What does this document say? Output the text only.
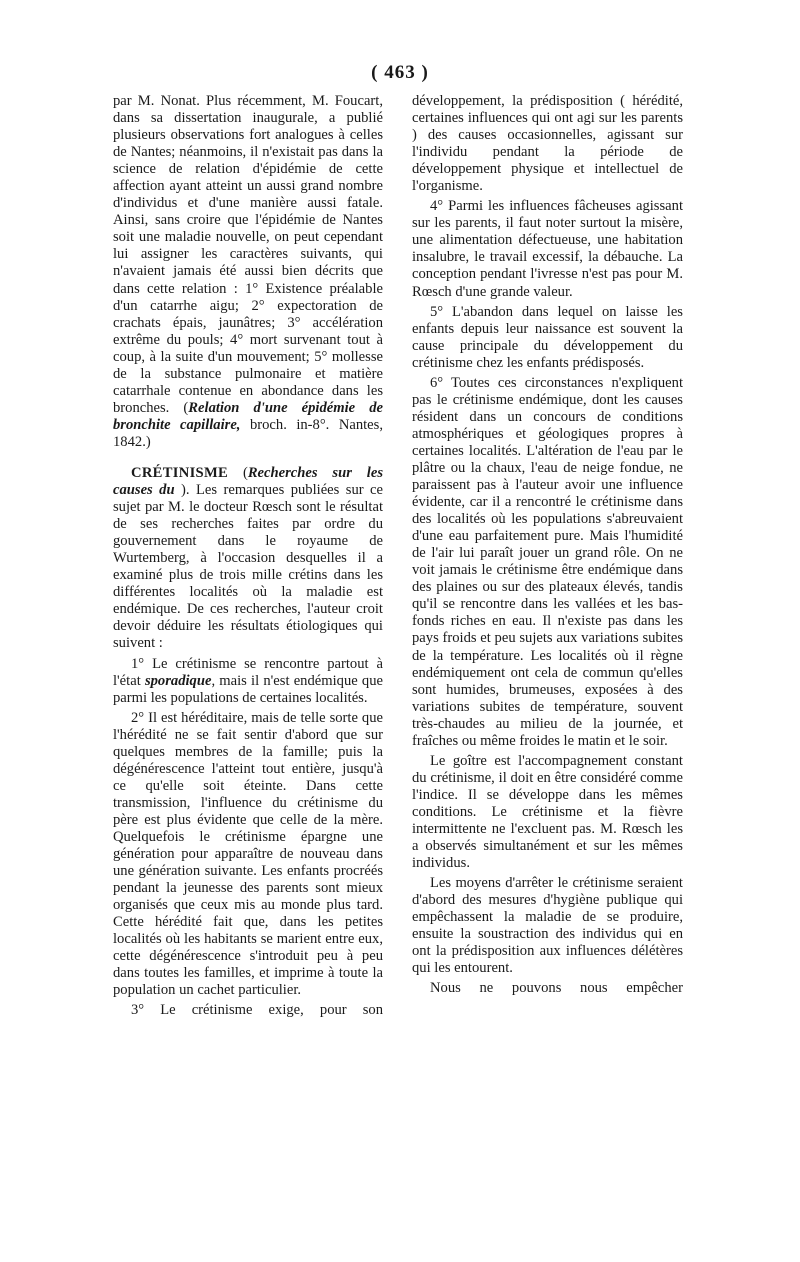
( 463 )

par M. Nonat. Plus récemment, M. Foucart, dans sa dissertation inaugurale, a publié plusieurs observations fort analogues à celles de Nantes; néanmoins, il n'existait pas dans la science de relation d'épidémie de cette affection ayant atteint un aussi grand nombre d'individus et d'une manière aussi fatale. Ainsi, sans croire que l'épidémie de Nantes soit une maladie nouvelle, on peut cependant lui assigner les caractères suivants, qui n'avaient jamais été aussi bien décrits que dans cette relation : 1° Existence préalable d'un catarrhe aigu; 2° expectoration de crachats épais, jaunâtres; 3° accélération extrême du pouls; 4° mort survenant tout à coup, à la suite d'un mouvement; 5° mollesse de la substance pulmonaire et matière catarrhale contenue en abondance dans les bronches. (Relation d'une épidémie de bronchite capillaire, broch. in-8°. Nantes, 1842.)

CRÉTINISME (Recherches sur les causes du ). Les remarques publiées sur ce sujet par M. le docteur Rœsch sont le résultat de ses recherches faites par ordre du gouvernement dans le royaume de Wurtemberg, à l'occasion desquelles il a examiné plus de trois mille crétins dans les différentes localités où la maladie est endémique. De ces recherches, l'auteur croit devoir déduire les résultats étiologiques qui suivent :

1° Le crétinisme se rencontre partout à l'état sporadique, mais il n'est endémique que parmi les populations de certaines localités.

2° Il est héréditaire, mais de telle sorte que l'hérédité ne se fait sentir d'abord que sur quelques membres de la famille; puis la dégénérescence l'atteint tout entière, jusqu'à ce qu'elle soit éteinte. Dans cette transmission, l'influence du crétinisme du père est plus évidente que celle de la mère. Quelquefois le crétinisme épargne une génération pour apparaître de nouveau dans une génération suivante. Les enfants procréés pendant la jeunesse des parents sont mieux organisés que ceux mis au monde plus tard. Cette hérédité fait que, dans les petites localités où les habitants se marient entre eux, cette dégénérescence s'introduit peu à peu dans toutes les familles, et imprime à toute la population un cachet particulier.

3° Le crétinisme exige, pour son

développement, la prédisposition ( hérédité, certaines influences qui ont agi sur les parents ) des causes occasionnelles, agissant sur l'individu pendant la période de développement physique et intellectuel de l'organisme.

4° Parmi les influences fâcheuses agissant sur les parents, il faut noter surtout la misère, une alimentation défectueuse, une habitation insalubre, le travail excessif, la débauche. La conception pendant l'ivresse n'est pas pour M. Rœsch d'une grande valeur.

5° L'abandon dans lequel on laisse les enfants depuis leur naissance est souvent la cause principale du développement du crétinisme chez les enfants prédisposés.

6° Toutes ces circonstances n'expliquent pas le crétinisme endémique, dont les causes résident dans un concours de conditions atmosphériques et géologiques propres à certaines localités. L'altération de l'eau par le plâtre ou la chaux, l'eau de neige fondue, ne paraissent pas à l'auteur avoir une influence évidente, car il a rencontré le crétinisme dans des localités où les populations s'abreuvaient d'une eau parfaitement pure. Mais l'humidité de l'air lui paraît jouer un grand rôle. On ne voit jamais le crétinisme être endémique dans des plaines ou sur des plateaux élevés, tandis qu'il se rencontre dans les vallées et les bas-fonds riches en eau. Il n'existe pas dans les pays froids et peu sujets aux variations subites de la température. Les localités où il règne endémiquement ont cela de commun qu'elles sont humides, brumeuses, exposées à des variations subites de température, souvent très-chaudes au milieu de la journée, et fraîches ou même froides le matin et le soir.

Le goître est l'accompagnement constant du crétinisme, il doit en être considéré comme l'indice. Il se développe dans les mêmes conditions. Le crétinisme et la fièvre intermittente ne l'excluent pas. M. Rœsch les a observés simultanément et sur les mêmes individus.

Les moyens d'arrêter le crétinisme seraient d'abord des mesures d'hygiène publique qui empêchassent la maladie de se produire, ensuite la soustraction des individus qui en ont la prédisposition aux influences délétères qui les entourent.

Nous ne pouvons nous empêcher
